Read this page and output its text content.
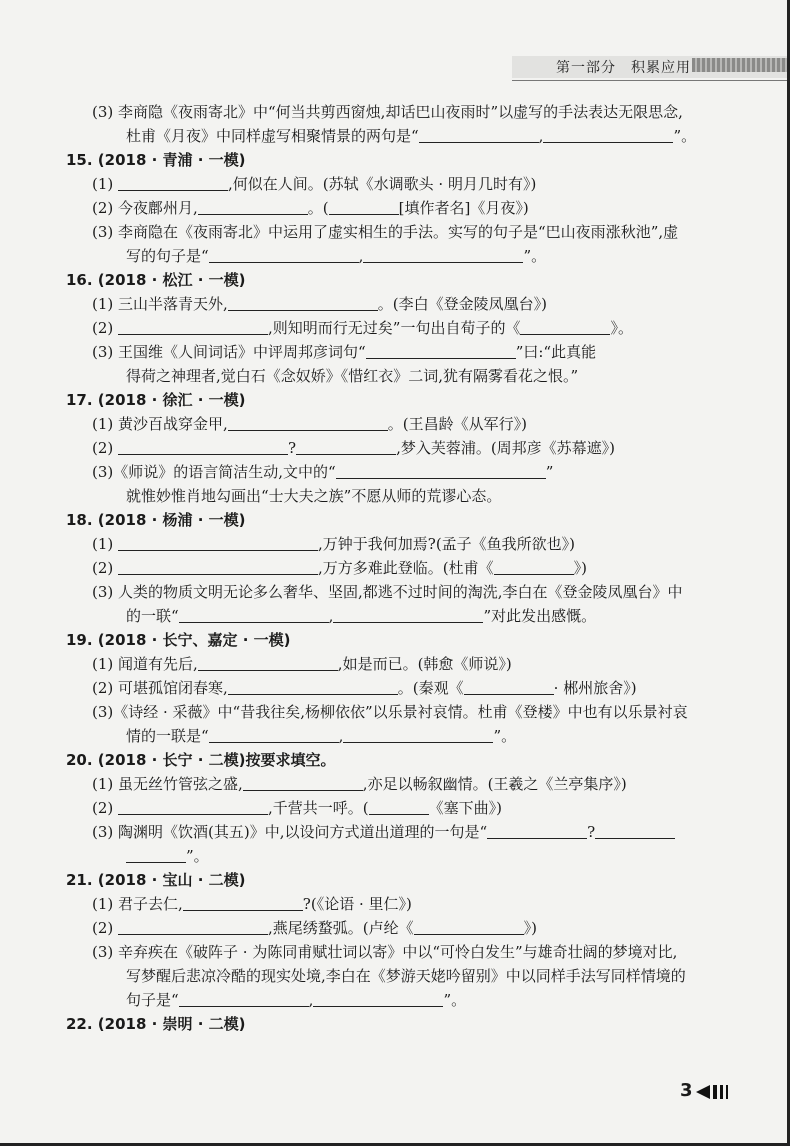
第一部分　积累应用
(3) 李商隐《夜雨寄北》中“何当共剪西窗烛,却话巴山夜雨时”以虚写的手法表达无限思念,
杜甫《月夜》中同样虚写相聚情景的两句是“	,	”。
15. (2018 · 青浦 · 一模)
(1)	,何似在人间。(苏轼《水调歌头 · 明月几时有》)
(2) 今夜鄜州月,	。(	[填作者名]《月夜》)
(3) 李商隐在《夜雨寄北》中运用了虚实相生的手法。实写的句子是“巴山夜雨涨秋池”,虚
写的句子是“	,	”。
16. (2018 · 松江 · 一模)
(1) 三山半落青天外,	。(李白《登金陵凤凰台》)
(2)	,则知明而行无过矣”一句出自荀子的《	》。
(3) 王国维《人间词话》中评周邦彦词句“	”曰:“此真能
得荷之神理者,觉白石《念奴娇》《惜红衣》二词,犹有隔雾看花之恨。”
17. (2018 · 徐汇 · 一模)
(1) 黄沙百战穿金甲,	。(王昌龄《从军行》)
(2)	?	,梦入芙蓉浦。(周邦彦《苏幕遮》)
(3)《师说》的语言简洁生动,文中的“	”
就惟妙惟肖地勾画出“士大夫之族”不愿从师的荒谬心态。
18. (2018 · 杨浦 · 一模)
(1)	,万钟于我何加焉?(孟子《鱼我所欲也》)
(2)	,万方多难此登临。(杜甫《	》)
(3) 人类的物质文明无论多么奢华、坚固,都逃不过时间的淘洗,李白在《登金陵凤凰台》中
的一联“	,	”对此发出感慨。
19. (2018 · 长宁、嘉定 · 一模)
(1) 闻道有先后,	,如是而已。(韩愈《师说》)
(2) 可堪孤馆闭春寒,	。(秦观《	· 郴州旅舍》)
(3)《诗经 · 采薇》中“昔我往矣,杨柳依依”以乐景衬哀情。杜甫《登楼》中也有以乐景衬哀
情的一联是“	,	”。
20. (2018 · 长宁 · 二模)按要求填空。
(1) 虽无丝竹管弦之盛,	,亦足以畅叙幽情。(王羲之《兰亭集序》)
(2)	,千营共一呼。(	《塞下曲》)
(3) 陶渊明《饮酒(其五)》中,以设问方式道出道理的一句是“	?
”。
21. (2018 · 宝山 · 二模)
(1) 君子去仁,	?(《论语 · 里仁》)
(2)	,燕尾绣蝥弧。(卢纶《	》)
(3) 辛弃疾在《破阵子 · 为陈同甫赋壮词以寄》中以“可怜白发生”与雄奇壮阔的梦境对比,
写梦醒后悲凉冷酷的现实处境,李白在《梦游天姥吟留别》中以同样手法写同样情境的
句子是“	,	”。
22. (2018 · 崇明 · 二模)
3
